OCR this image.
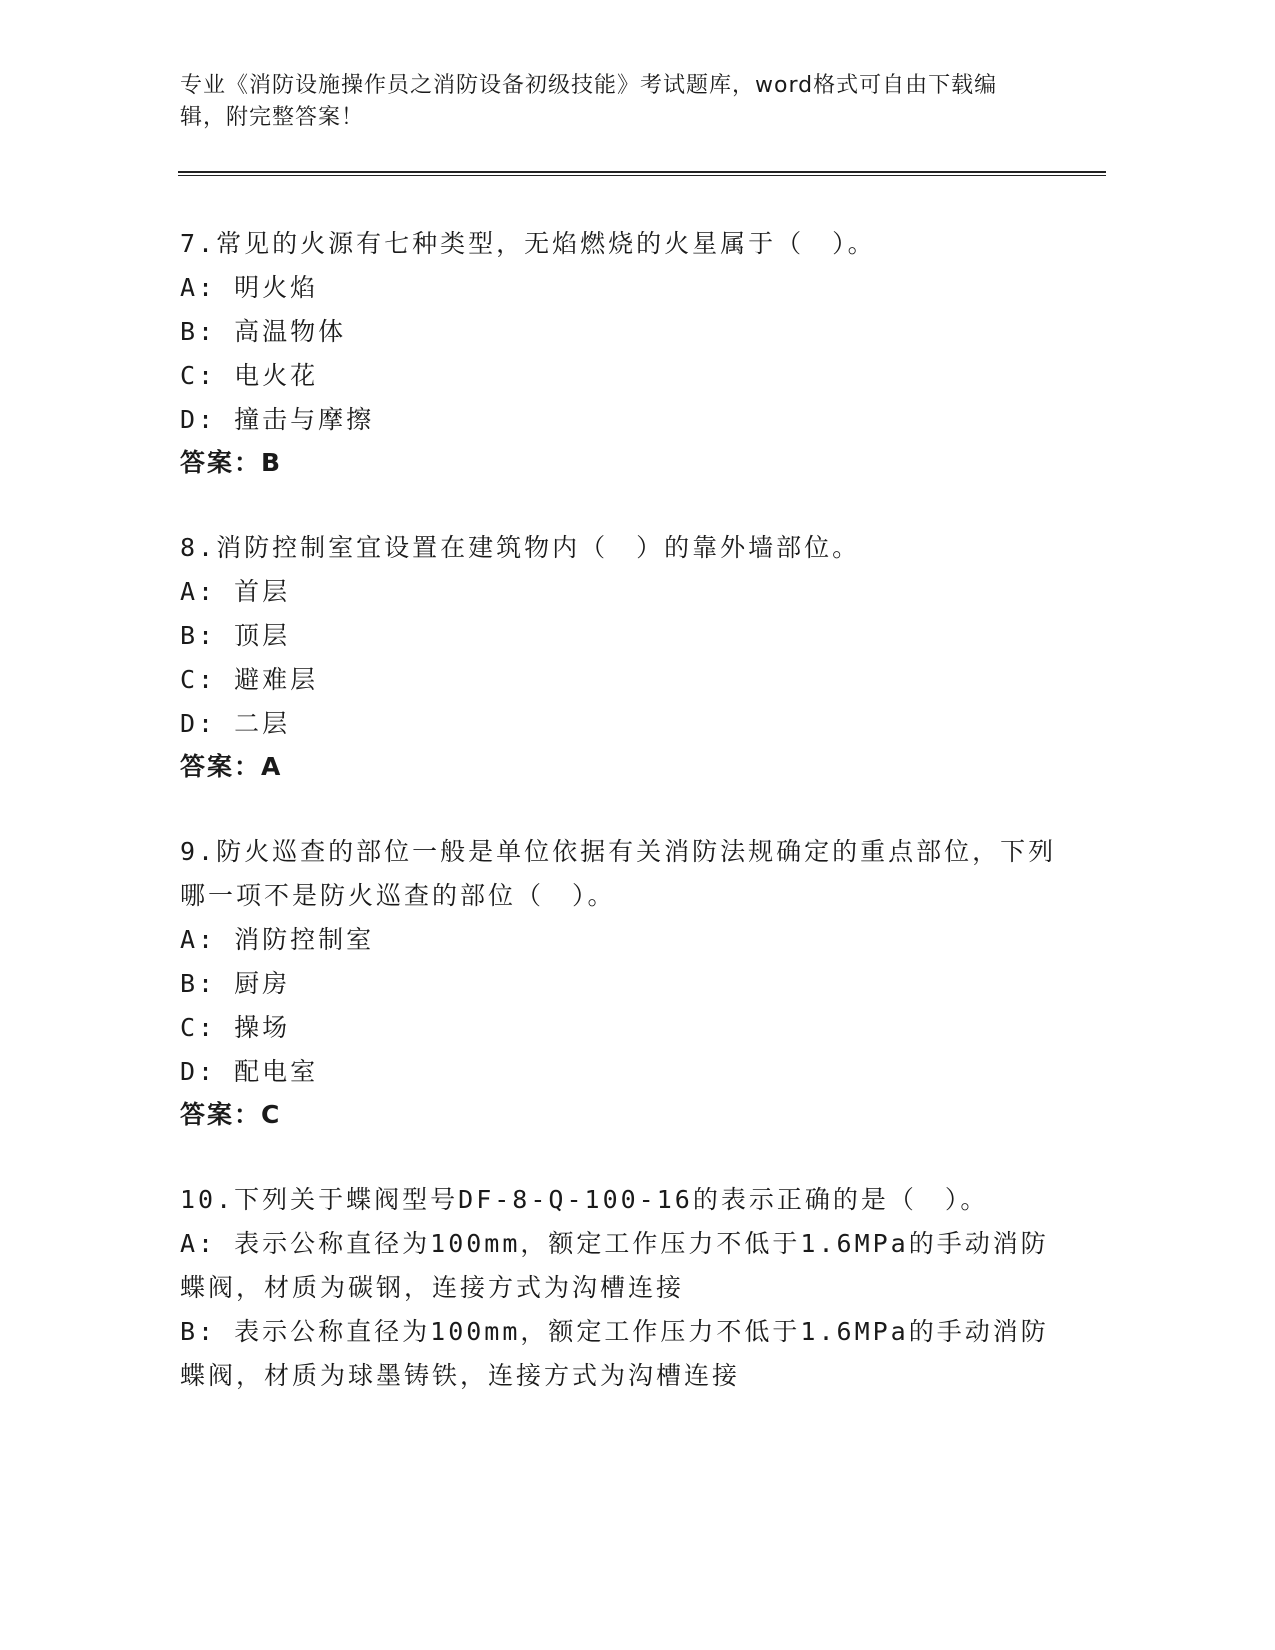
专业《消防设施操作员之消防设备初级技能》考试题库，word格式可自由下载编辑，附完整答案！
7.常见的火源有七种类型，无焰燃烧的火星属于（　）。
A: 明火焰
B: 高温物体
C: 电火花
D: 撞击与摩擦
答案：B
8.消防控制室宜设置在建筑物内（　）的靠外墙部位。
A: 首层
B: 顶层
C: 避难层
D: 二层
答案：A
9.防火巡查的部位一般是单位依据有关消防法规确定的重点部位，下列哪一项不是防火巡查的部位（　）。
A: 消防控制室
B: 厨房
C: 操场
D: 配电室
答案：C
10.下列关于蝶阀型号DF-8-Q-100-16的表示正确的是（　）。
A: 表示公称直径为100mm，额定工作压力不低于1.6MPa的手动消防蝶阀，材质为碳钢，连接方式为沟槽连接
B: 表示公称直径为100mm，额定工作压力不低于1.6MPa的手动消防蝶阀，材质为球墨铸铁，连接方式为沟槽连接
